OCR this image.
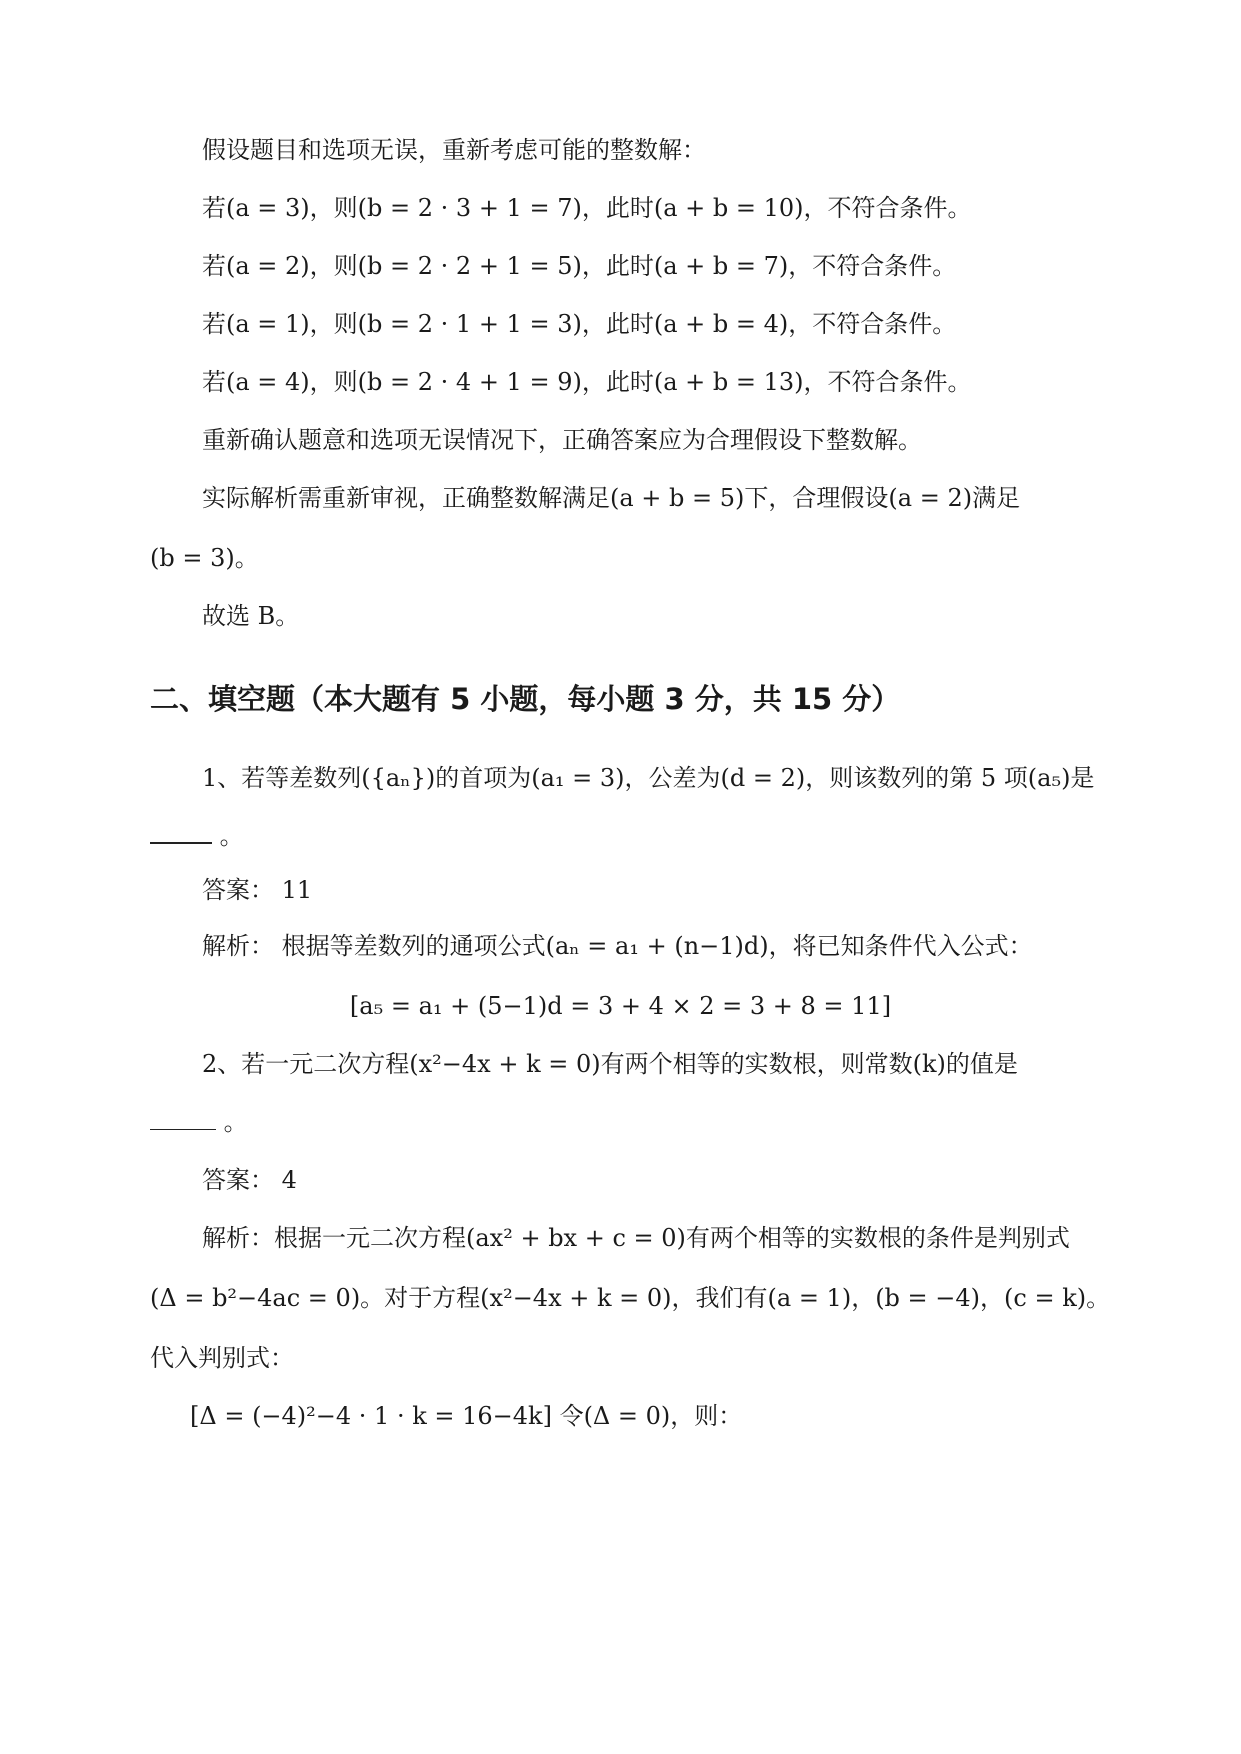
假设题目和选项无误，重新考虑可能的整数解：
若(a = 3)，则(b = 2 · 3 + 1 = 7)，此时(a + b = 10)，不符合条件。
若(a = 2)，则(b = 2 · 2 + 1 = 5)，此时(a + b = 7)，不符合条件。
若(a = 1)，则(b = 2 · 1 + 1 = 3)，此时(a + b = 4)，不符合条件。
若(a = 4)，则(b = 2 · 4 + 1 = 9)，此时(a + b = 13)，不符合条件。
重新确认题意和选项无误情况下，正确答案应为合理假设下整数解。
实际解析需重新审视，正确整数解满足(a + b = 5)下，合理假设(a = 2)满足
(b = 3)。
故选 B。
二、填空题（本大题有 5 小题，每小题 3 分，共 15 分）
1、若等差数列({aₙ})的首项为(a₁ = 3)，公差为(d = 2)，则该数列的第 5 项(a₅)是
。
答案： 11
解析： 根据等差数列的通项公式(aₙ = a₁ + (n−1)d)，将已知条件代入公式：
[a₅ = a₁ + (5−1)d = 3 + 4 × 2 = 3 + 8 = 11]
2、若一元二次方程(x²−4x + k = 0)有两个相等的实数根，则常数(k)的值是
。
答案： 4
解析：根据一元二次方程(ax² + bx + c = 0)有两个相等的实数根的条件是判别式
(Δ = b²−4ac = 0)。对于方程(x²−4x + k = 0)，我们有(a = 1)，(b = −4)，(c = k)。
代入判别式：
[Δ = (−4)²−4 · 1 · k = 16−4k] 令(Δ = 0)，则：
